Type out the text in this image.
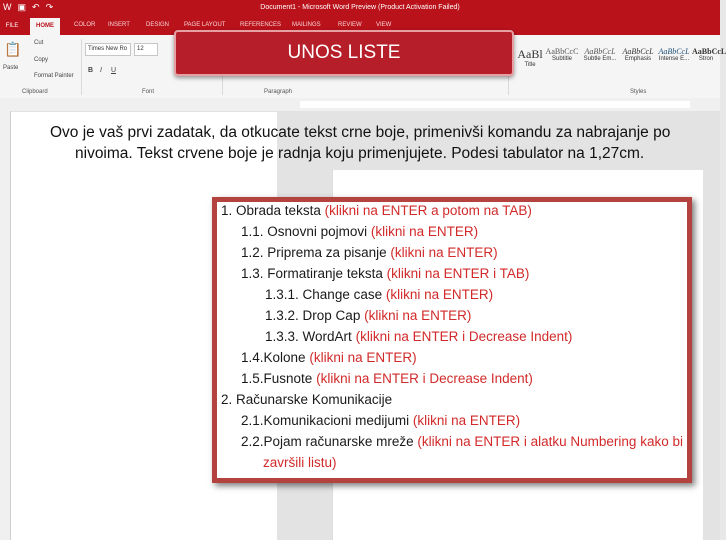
W ▣ ↶ ↷	Document1 - Microsoft Word Preview (Product Activation Failed)
FILE	HOME	COLOR INSERT	DESIGN PAGE LAYOUT REFERENCES MAILINGS	REVIEW VIEW
📋
Paste
Cut
Copy
Format Painter
Clipboard
Times New Ro	12
B I U
Font	Paragraph
AaBl
Title
AaBbCcC
Subtitle
AaBbCcL
Subtle Em...
AaBbCcL
Emphasis
AaBbCcL
Intense E...
AaBbCcL
Stron
Styles
Ovo je vaš prvi zadatak, da otkucate tekst crne boje, primenivši komandu za nabrajanje po nivoima. Tekst crvene boje je radnja koju primenjujete. Podesi tabulator na 1,27cm.
UNOS LISTE
1. Obrada teksta (klikni na ENTER a potom na TAB)
1.1. Osnovni pojmovi (klikni na ENTER)
1.2. Priprema za pisanje (klikni na ENTER)
1.3. Formatiranje teksta (klikni na ENTER i TAB)
1.3.1. Change case (klikni na ENTER)
1.3.2. Drop Cap (klikni na ENTER)
1.3.3. WordArt (klikni na ENTER i Decrease Indent)
1.4.Kolone (klikni na ENTER)
1.5.Fusnote (klikni na ENTER i Decrease Indent)
2. Računarske Komunikacije
2.1.Komunikacioni medijumi (klikni na ENTER)
2.2.Pojam računarske mreže (klikni na ENTER i alatku Numbering kako bi
završili listu)
